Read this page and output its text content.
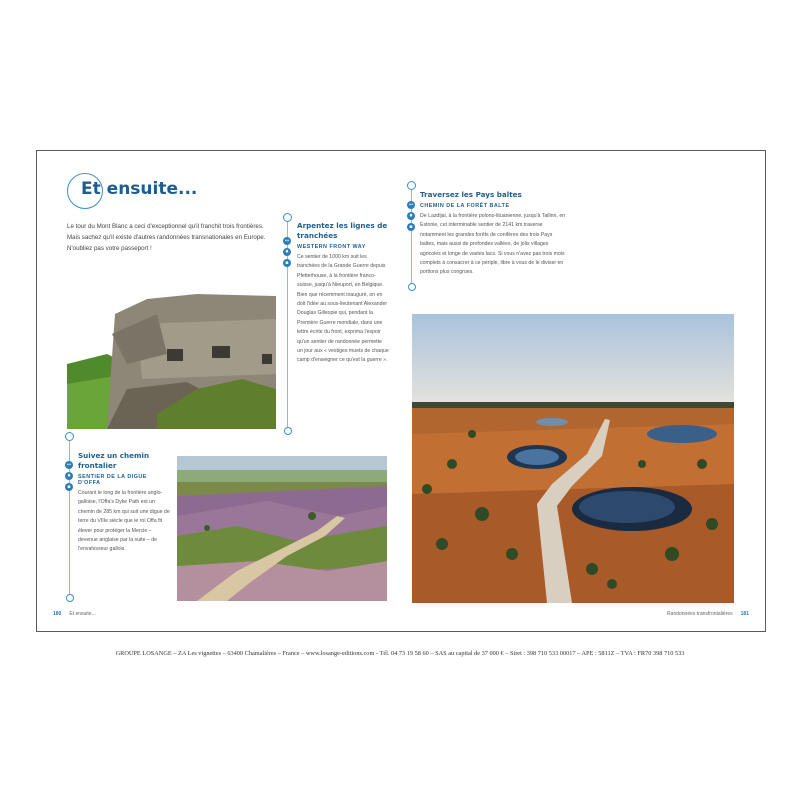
Et ensuite...
Le tour du Mont Blanc a ceci d'exceptionnel qu'il franchit trois frontières. Mais sachez qu'il existe d'autres randonnées transnationales en Europe. N'oubliez pas votre passeport !
↔
♦
▪
Arpentez les lignes de tranchées
WESTERN FRONT WAY
Ce sentier de 1000 km suit les tranchées de la Grande Guerre depuis Pfetterhouse, à la frontière franco-suisse, jusqu'à Nieuport, en Belgique. Bien que récemment inauguré, on en doit l'idée au sous-lieutenant Alexander Douglas Gillespie qui, pendant la Première Guerre mondiale, dans une lettre écrite du front, exprima l'espoir qu'un sentier de randonnée permette un jour aux « vestiges muets de chaque camp d'enseigner ce qu'est la guerre ».
↔
♦
▪
Traversez les Pays baltes
CHEMIN DE LA FORÊT BALTE
De Lazdijai, à la frontière polono-lituanienne, jusqu'à Tallinn, en Estonie, cet interminable sentier de 2141 km traverse notamment les grandes forêts de conifères des trois Pays baltes, mais aussi de profondes vallées, de jolis villages agricoles et longe de vastes lacs. Si vous n'avez pas trois mois complets à consacrer à ce périple, libre à vous de le diviser en portions plus congrues.
↔
♦
▪
Suivez un chemin frontalier
SENTIER DE LA DIGUE D'OFFA
Courant le long de la frontière anglo-galloise, l'Offa's Dyke Path est un chemin de 285 km qui suit une digue de terre du VIIIe siècle que le roi Offa fit élever pour protéger la Mercie – devenue anglaise par la suite – de l'envahisseur gallois.
180 Et ensuite...	Randonnées transfrontalières 181
GROUPE LOSANGE – ZA Les vignettes – 63400 Chamalières – France – www.losange-editions.com - Tél. 04 73 19 58 60 – SAS au capital de 37 000 € – Siret : 398 710 533 00017 – APE : 5811Z – TVA : FR70 398 710 533
